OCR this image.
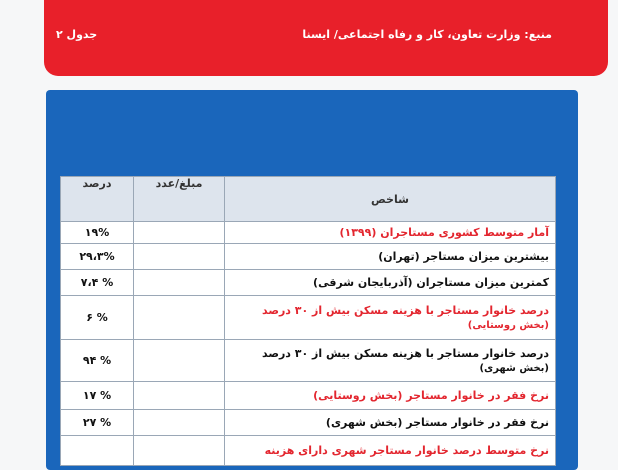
منبع: وزارت تعاون، کار و رفاه اجتماعی/ ایسنا
جدول ۲
شاخص	مبلغ/عدد	درصد
آمار متوسط کشوری مستاجران (۱۳۹۹)		۱۹%
بیشترین میزان مستاجر (تهران)		۲۹،۳%
کمترین میزان مستاجران (آذربایجان شرقی)		۷،۴ %
درصد خانوار مستاجر با هزینه مسکن بیش از ۳۰ درصد
(بخش روستایی)		۶ %
درصد خانوار مستاجر با هزینه مسکن بیش از ۳۰ درصد
(بخش شهری)		۹۴ %
نرخ فقر در خانوار مستاجر (بخش روستایی)		۱۷ %
نرخ فقر در خانوار مستاجر (بخش شهری)		۲۷ %
نرخ متوسط درصد خانوار مستاجر شهری دارای هزینه		
